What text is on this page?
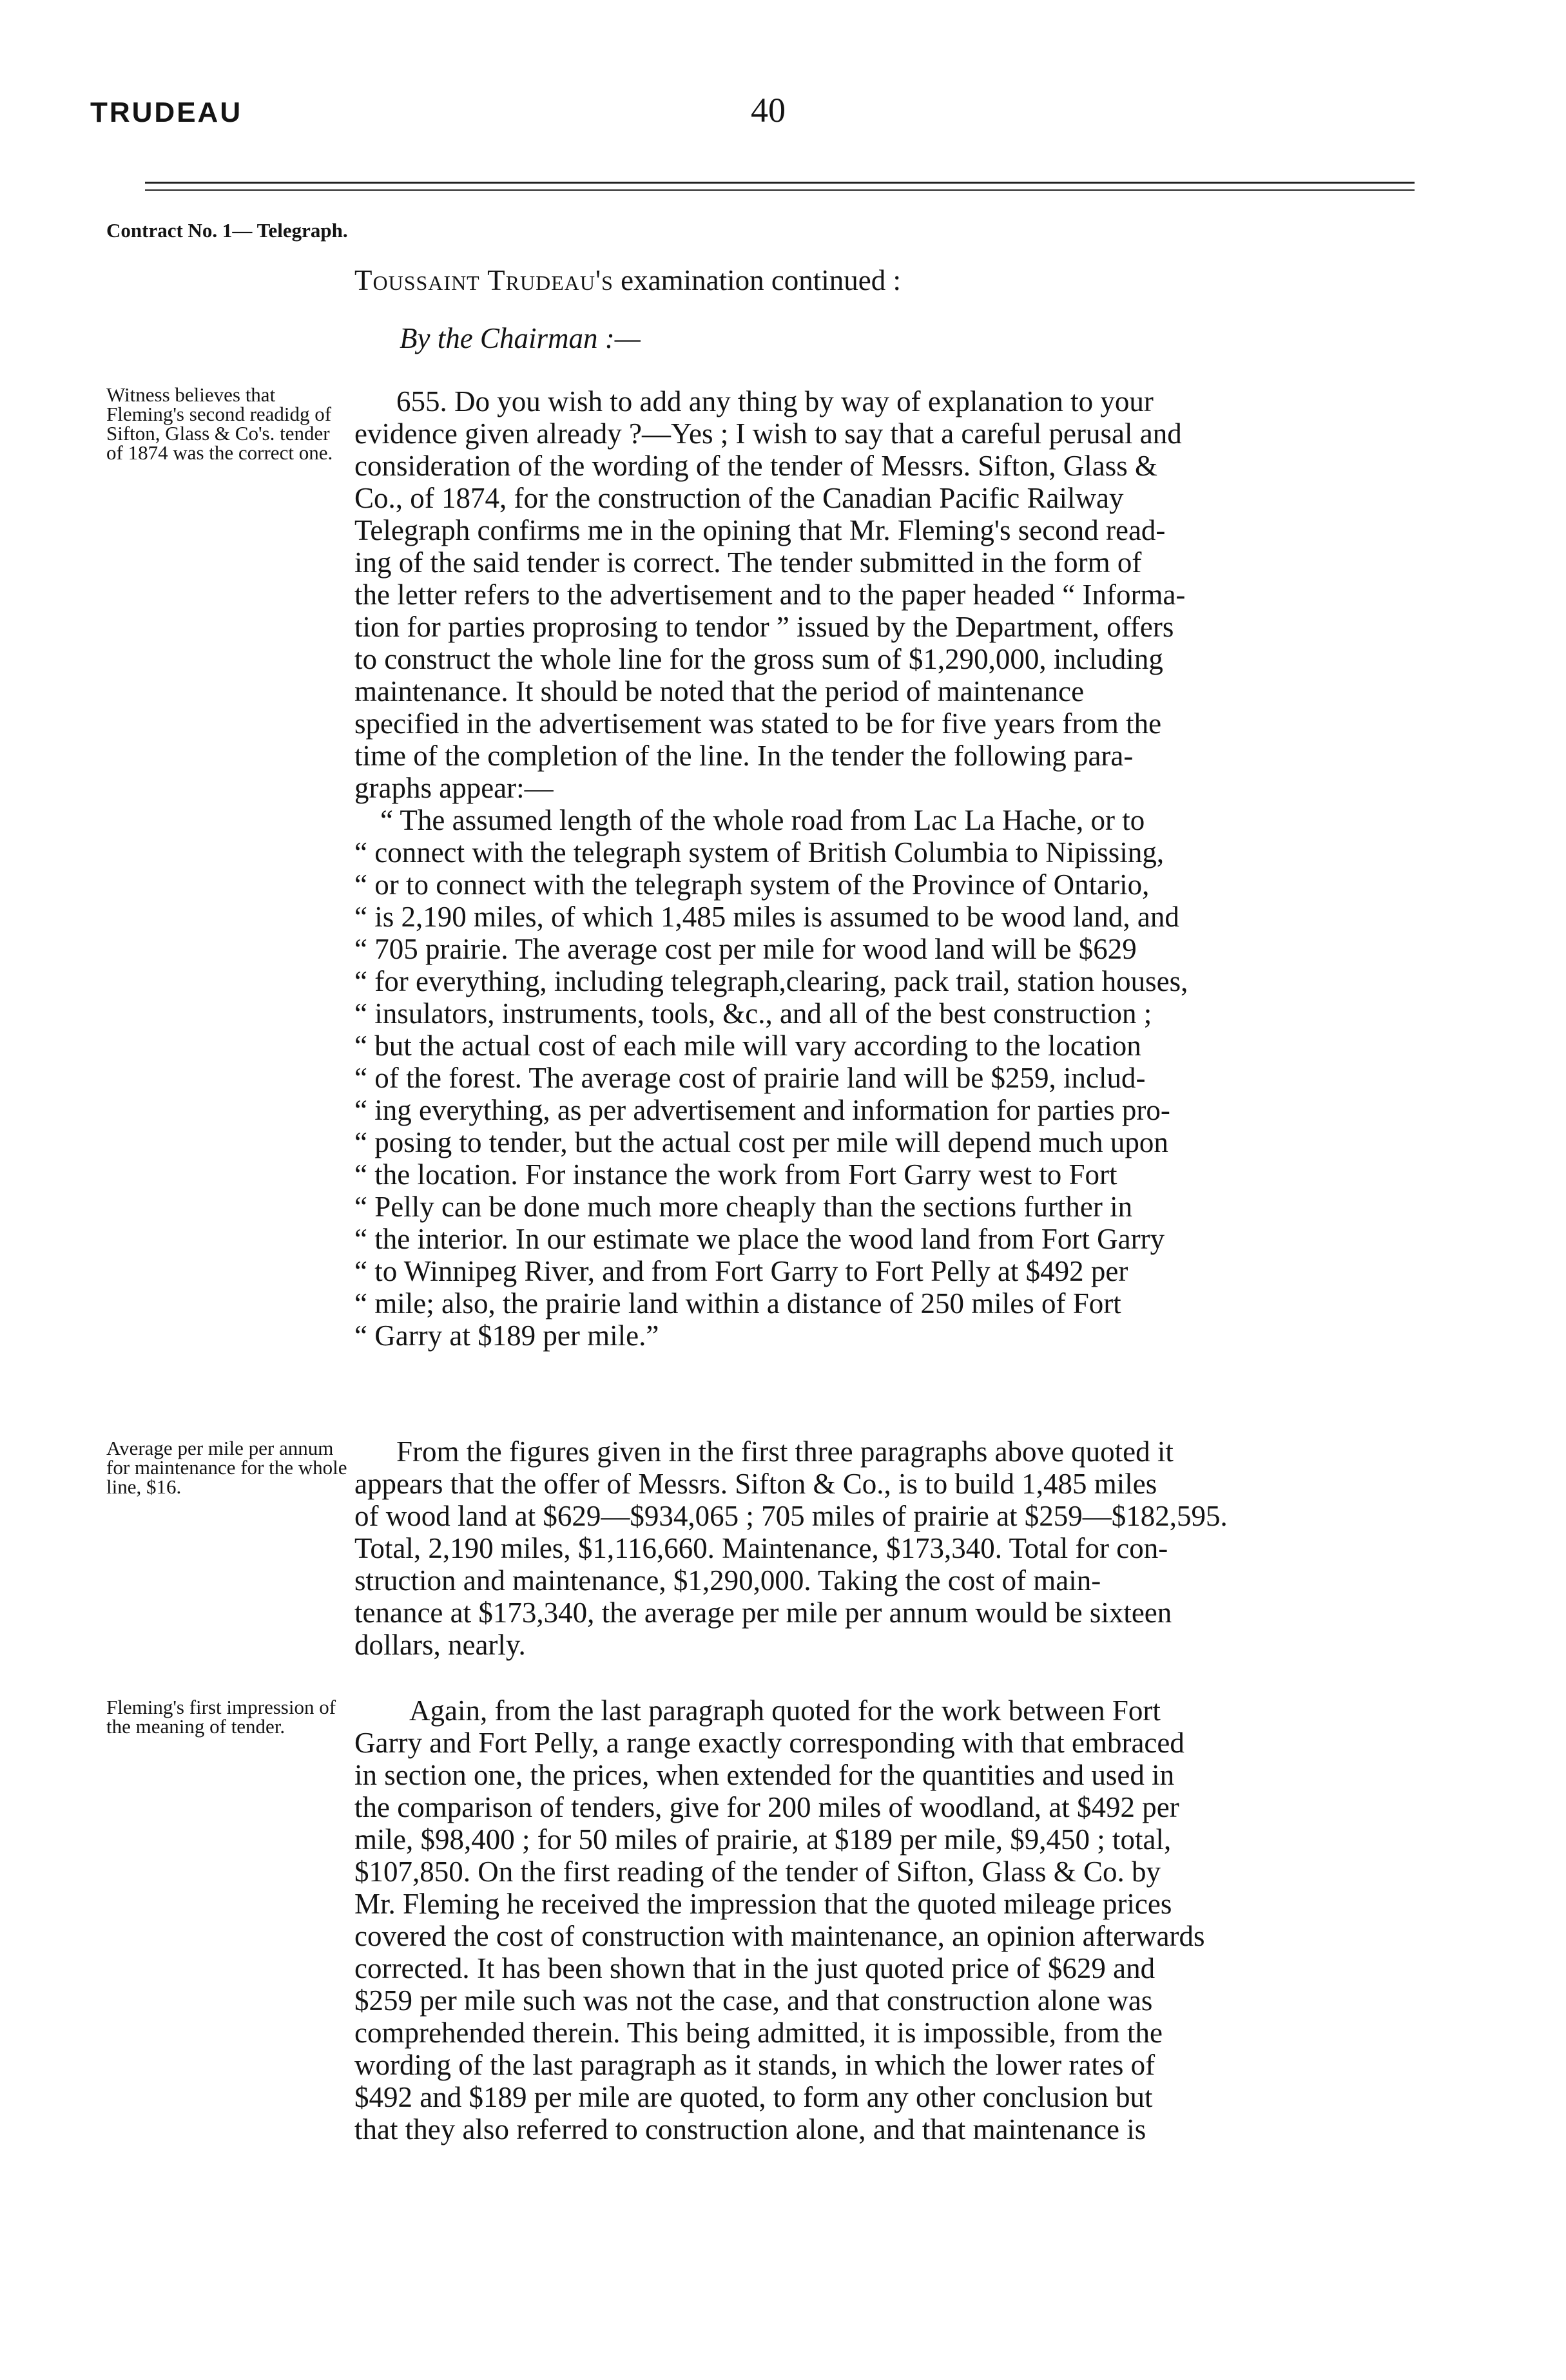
TRUDEAU	40
Contract No. 1— Telegraph.
Witness believes that Fleming's second readidg of Sifton, Glass & Co's. tender of 1874 was the correct one.
Average per mile per annum for maintenance for the whole line, $16.
Fleming's first impression of the meaning of tender.

Toussaint Trudeau's examination continued :

By the Chairman :—
655. Do you wish to add any thing by way of explanation to your
evidence given already ?—Yes ; I wish to say that a careful perusal and
consideration of the wording of the tender of Messrs. Sifton, Glass &
Co., of 1874, for the construction of the Canadian Pacific Railway
Telegraph confirms me in the opining that Mr. Fleming's second read-
ing of the said tender is correct. The tender submitted in the form of
the letter refers to the advertisement and to the paper headed “ Informa-
tion for parties proprosing to tendor ” issued by the Department, offers
to construct the whole line for the gross sum of $1,290,000, including
maintenance. It should be noted that the period of maintenance
specified in the advertisement was stated to be for five years from the
time of the completion of the line. In the tender the following para-
graphs appear:—
“ The assumed length of the whole road from Lac La Hache, or to
“ connect with the telegraph system of British Columbia to Nipissing,
“ or to connect with the telegraph system of the Province of Ontario,
“ is 2,190 miles, of which 1,485 miles is assumed to be wood land, and
“ 705 prairie. The average cost per mile for wood land will be $629
“ for everything, including telegraph,clearing, pack trail, station houses,
“ insulators, instruments, tools, &c., and all of the best construction ;
“ but the actual cost of each mile will vary according to the location
“ of the forest. The average cost of prairie land will be $259, includ-
“ ing everything, as per advertisement and information for parties pro-
“ posing to tender, but the actual cost per mile will depend much upon
“ the location. For instance the work from Fort Garry west to Fort
“ Pelly can be done much more cheaply than the sections further in
“ the interior. In our estimate we place the wood land from Fort Garry
“ to Winnipeg River, and from Fort Garry to Fort Pelly at $492 per
“ mile; also, the prairie land within a distance of 250 miles of Fort
“ Garry at $189 per mile.”
From the figures given in the first three paragraphs above quoted it
appears that the offer of Messrs. Sifton & Co., is to build 1,485 miles
of wood land at $629—$934,065 ; 705 miles of prairie at $259—$182,595.
Total, 2,190 miles, $1,116,660. Maintenance, $173,340. Total for con-
struction and maintenance, $1,290,000. Taking the cost of main-
tenance at $173,340, the average per mile per annum would be sixteen
dollars, nearly.
Again, from the last paragraph quoted for the work between Fort
Garry and Fort Pelly, a range exactly corresponding with that embraced
in section one, the prices, when extended for the quantities and used in
the comparison of tenders, give for 200 miles of woodland, at $492 per
mile, $98,400 ; for 50 miles of prairie, at $189 per mile, $9,450 ; total,
$107,850. On the first reading of the tender of Sifton, Glass & Co. by
Mr. Fleming he received the impression that the quoted mileage prices
covered the cost of construction with maintenance, an opinion afterwards
corrected. It has been shown that in the just quoted price of $629 and
$259 per mile such was not the case, and that construction alone was
comprehended therein. This being admitted, it is impossible, from the
wording of the last paragraph as it stands, in which the lower rates of
$492 and $189 per mile are quoted, to form any other conclusion but
that they also referred to construction alone, and that maintenance is
